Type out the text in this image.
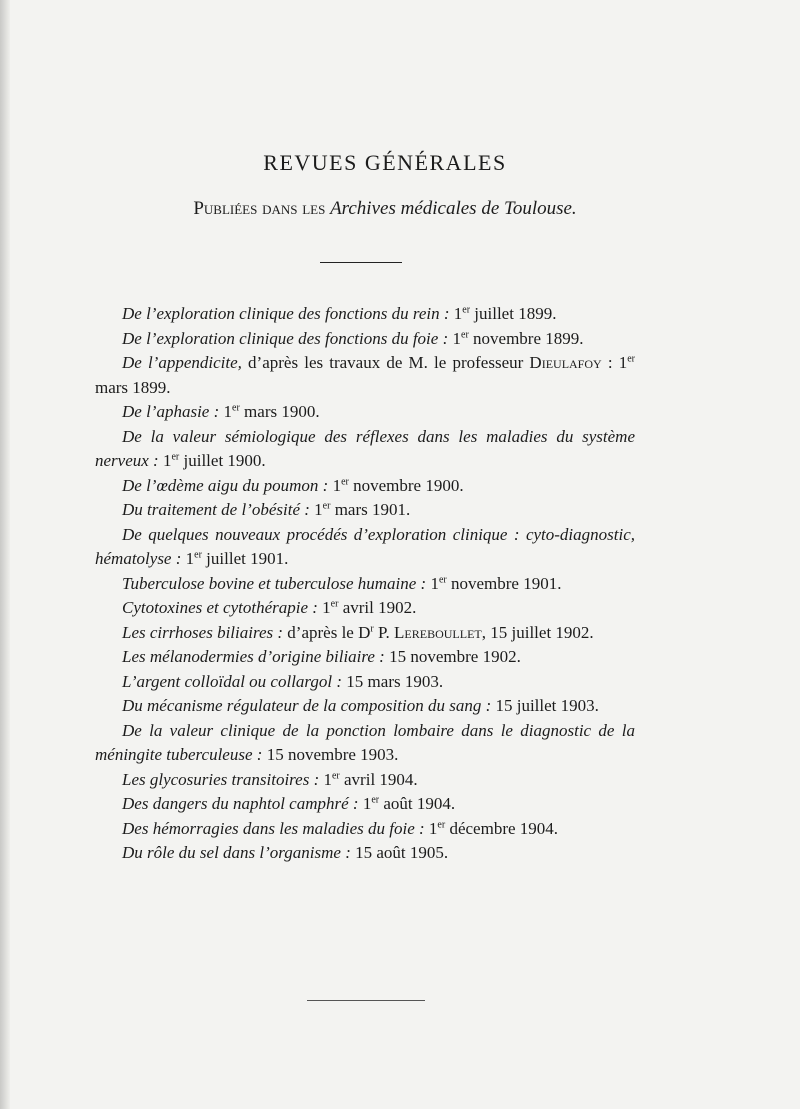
REVUES GÉNÉRALES
Publiées dans les Archives médicales de Toulouse.
De l’exploration clinique des fonctions du rein : 1er juillet 1899.
De l’exploration clinique des fonctions du foie : 1er novembre 1899.
De l’appendicite, d’après les travaux de M. le professeur Dieulafoy : 1er mars 1899.
De l’aphasie : 1er mars 1900.
De la valeur sémiologique des réflexes dans les maladies du système nerveux : 1er juillet 1900.
De l’œdème aigu du poumon : 1er novembre 1900.
Du traitement de l’obésité : 1er mars 1901.
De quelques nouveaux procédés d’exploration clinique : cyto-diagnostic, hématolyse : 1er juillet 1901.
Tuberculose bovine et tuberculose humaine : 1er novembre 1901.
Cytotoxines et cytothérapie : 1er avril 1902.
Les cirrhoses biliaires : d’après le $D^r$ P. Lereboullet, 15 juillet 1902.
Les mélanodermies d’origine biliaire : 15 novembre 1902.
L’argent colloïdal ou collargol : 15 mars 1903.
Du mécanisme régulateur de la composition du sang : 15 juillet 1903.
De la valeur clinique de la ponction lombaire dans le diagnostic de la méningite tuberculeuse : 15 novembre 1903.
Les glycosuries transitoires : 1er avril 1904.
Des dangers du naphtol camphré : 1er août 1904.
Des hémorragies dans les maladies du foie : 1er décembre 1904.
Du rôle du sel dans l’organisme : 15 août 1905.
